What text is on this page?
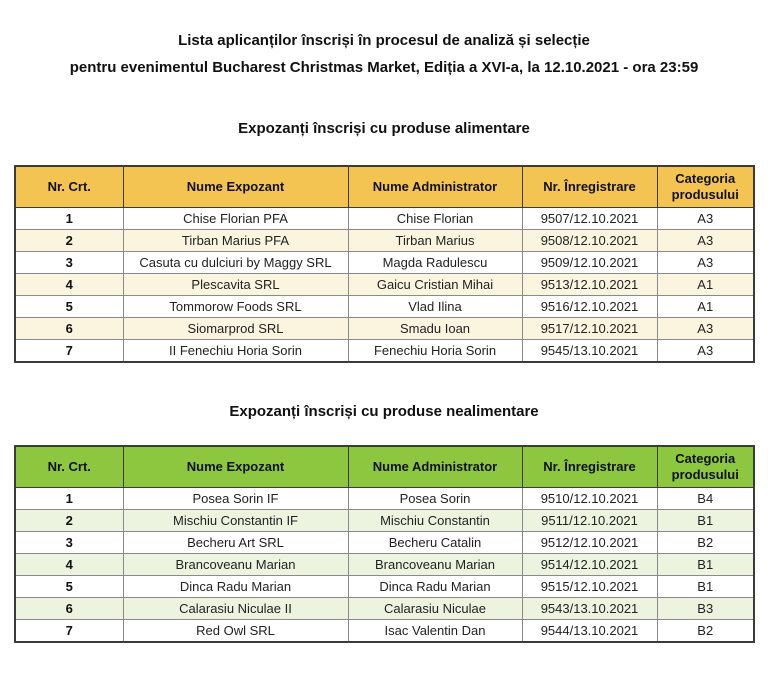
Lista aplicanților înscriși în procesul de analiză și selecție
pentru evenimentul Bucharest Christmas Market, Ediția a XVI-a, la 12.10.2021 - ora 23:59
Expozanți înscriși cu produse alimentare
Nr. Crt.	Nume Expozant	Nume Administrator	Nr. Înregistrare	Categoria produsului
1	Chise Florian PFA	Chise Florian	9507/12.10.2021	A3
2	Tirban Marius PFA	Tirban Marius	9508/12.10.2021	A3
3	Casuta cu dulciuri by Maggy SRL	Magda Radulescu	9509/12.10.2021	A3
4	Plescavita SRL	Gaicu Cristian Mihai	9513/12.10.2021	A1
5	Tommorow Foods SRL	Vlad Ilina	9516/12.10.2021	A1
6	Siomarprod SRL	Smadu Ioan	9517/12.10.2021	A3
7	II Fenechiu Horia Sorin	Fenechiu Horia Sorin	9545/13.10.2021	A3
Expozanți înscriși cu produse nealimentare
Nr. Crt.	Nume Expozant	Nume Administrator	Nr. Înregistrare	Categoria produsului
1	Posea Sorin IF	Posea Sorin	9510/12.10.2021	B4
2	Mischiu Constantin IF	Mischiu Constantin	9511/12.10.2021	B1
3	Becheru Art SRL	Becheru Catalin	9512/12.10.2021	B2
4	Brancoveanu Marian	Brancoveanu Marian	9514/12.10.2021	B1
5	Dinca Radu Marian	Dinca Radu Marian	9515/12.10.2021	B1
6	Calarasiu Niculae II	Calarasiu Niculae	9543/13.10.2021	B3
7	Red Owl SRL	Isac Valentin Dan	9544/13.10.2021	B2
